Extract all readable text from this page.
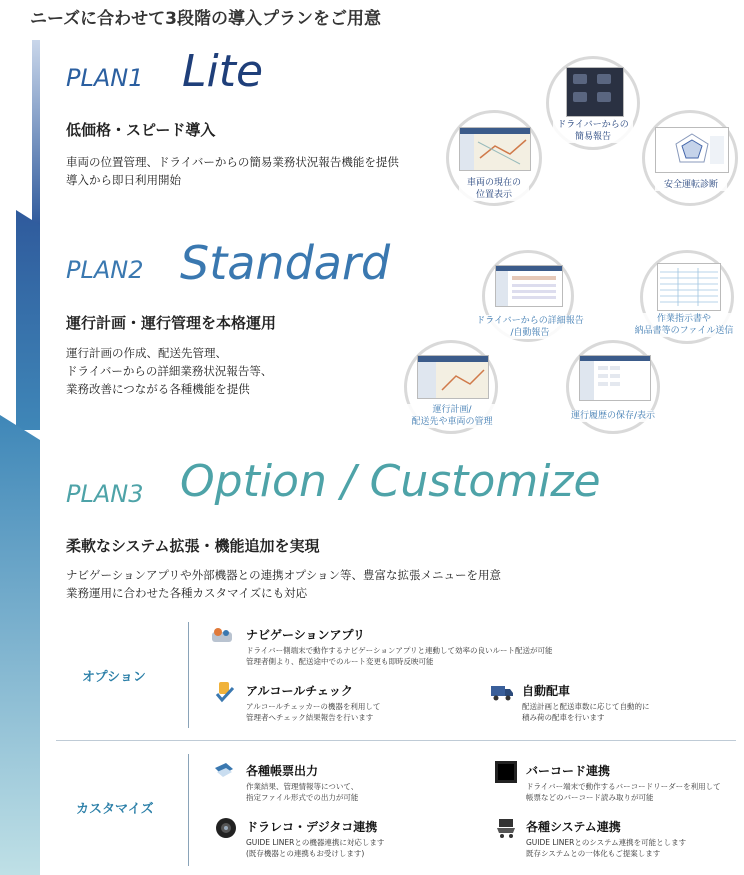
ニーズに合わせて3段階の導入プランをご用意
PLAN1 Lite
低価格・スピード導入
車両の位置管理、ドライバーからの簡易業務状況報告機能を提供
導入から即日利用開始	車両の現在の
位置表示
ドライバーからの
簡易報告
安全運転診断
PLAN2 Standard
運行計画・運行管理を本格運用
運行計画の作成、配送先管理、
ドライバーからの詳細業務状況報告等、
業務改善につながる各種機能を提供
ドライバーからの詳細報告
/自動報告
作業指示書や
納品書等のファイル送信
運行計画/
配送先や車両の管理
運行履歴の保存/表示
PLAN3 Option / Customize
柔軟なシステム拡張・機能追加を実現
ナビゲーションアプリや外部機器との連携オプション等、豊富な拡張メニューを用意
業務運用に合わせた各種カスタマイズにも対応
オプション
ナビゲーションアプリ
ドライバー側端末で動作するナビゲーションアプリと連動して効率の良いルート配送が可能
管理者側より、配送途中でのルート変更も即時反映可能
アルコールチェック
アルコールチェッカーの機器を利用して
管理者へチェック結果報告を行います
自動配車
配送計画と配送車数に応じて自動的に
積み荷の配車を行います
カスタマイズ
各種帳票出力
作業結果、管理情報等について、
指定ファイル形式での出力が可能
バーコード連携
ドライバー端末で動作するバーコードリーダーを利用して
帳票などのバーコード読み取りが可能
ドラレコ・デジタコ連携
GUIDE LINERとの機器連携に対応します
(既存機器との連携もお受けします)
各種システム連携
GUIDE LINERとのシステム連携を可能とします
既存システムとの一体化もご提案します
